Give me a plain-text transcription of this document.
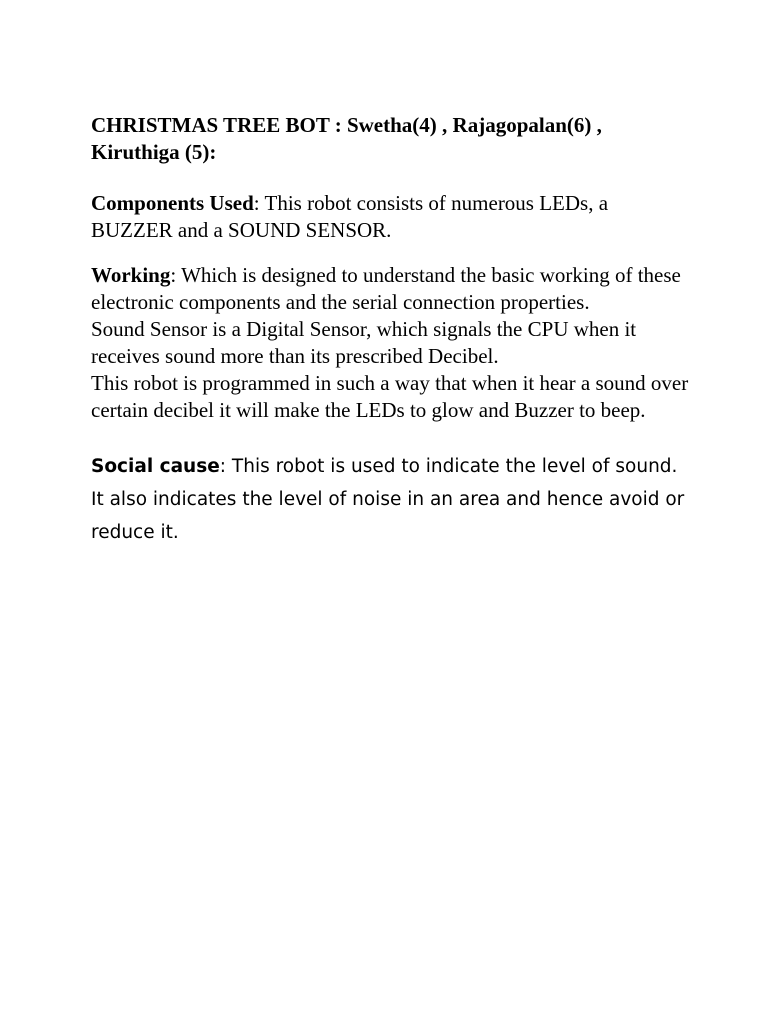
CHRISTMAS TREE BOT : Swetha(4) , Rajagopalan(6) ,
Kiruthiga (5):

Components Used: This robot consists of numerous LEDs, a BUZZER and a SOUND SENSOR.

Working: Which is designed to understand the basic working of these electronic components and the serial connection properties.
Sound Sensor is a Digital Sensor, which signals the CPU when it receives sound more than its prescribed Decibel.
This robot is programmed in such a way that when it hear a sound over certain decibel it will make the LEDs to glow and Buzzer to beep.

Social cause: This robot is used to indicate the level of sound. It also indicates the level of noise in an area and hence avoid or reduce it.
